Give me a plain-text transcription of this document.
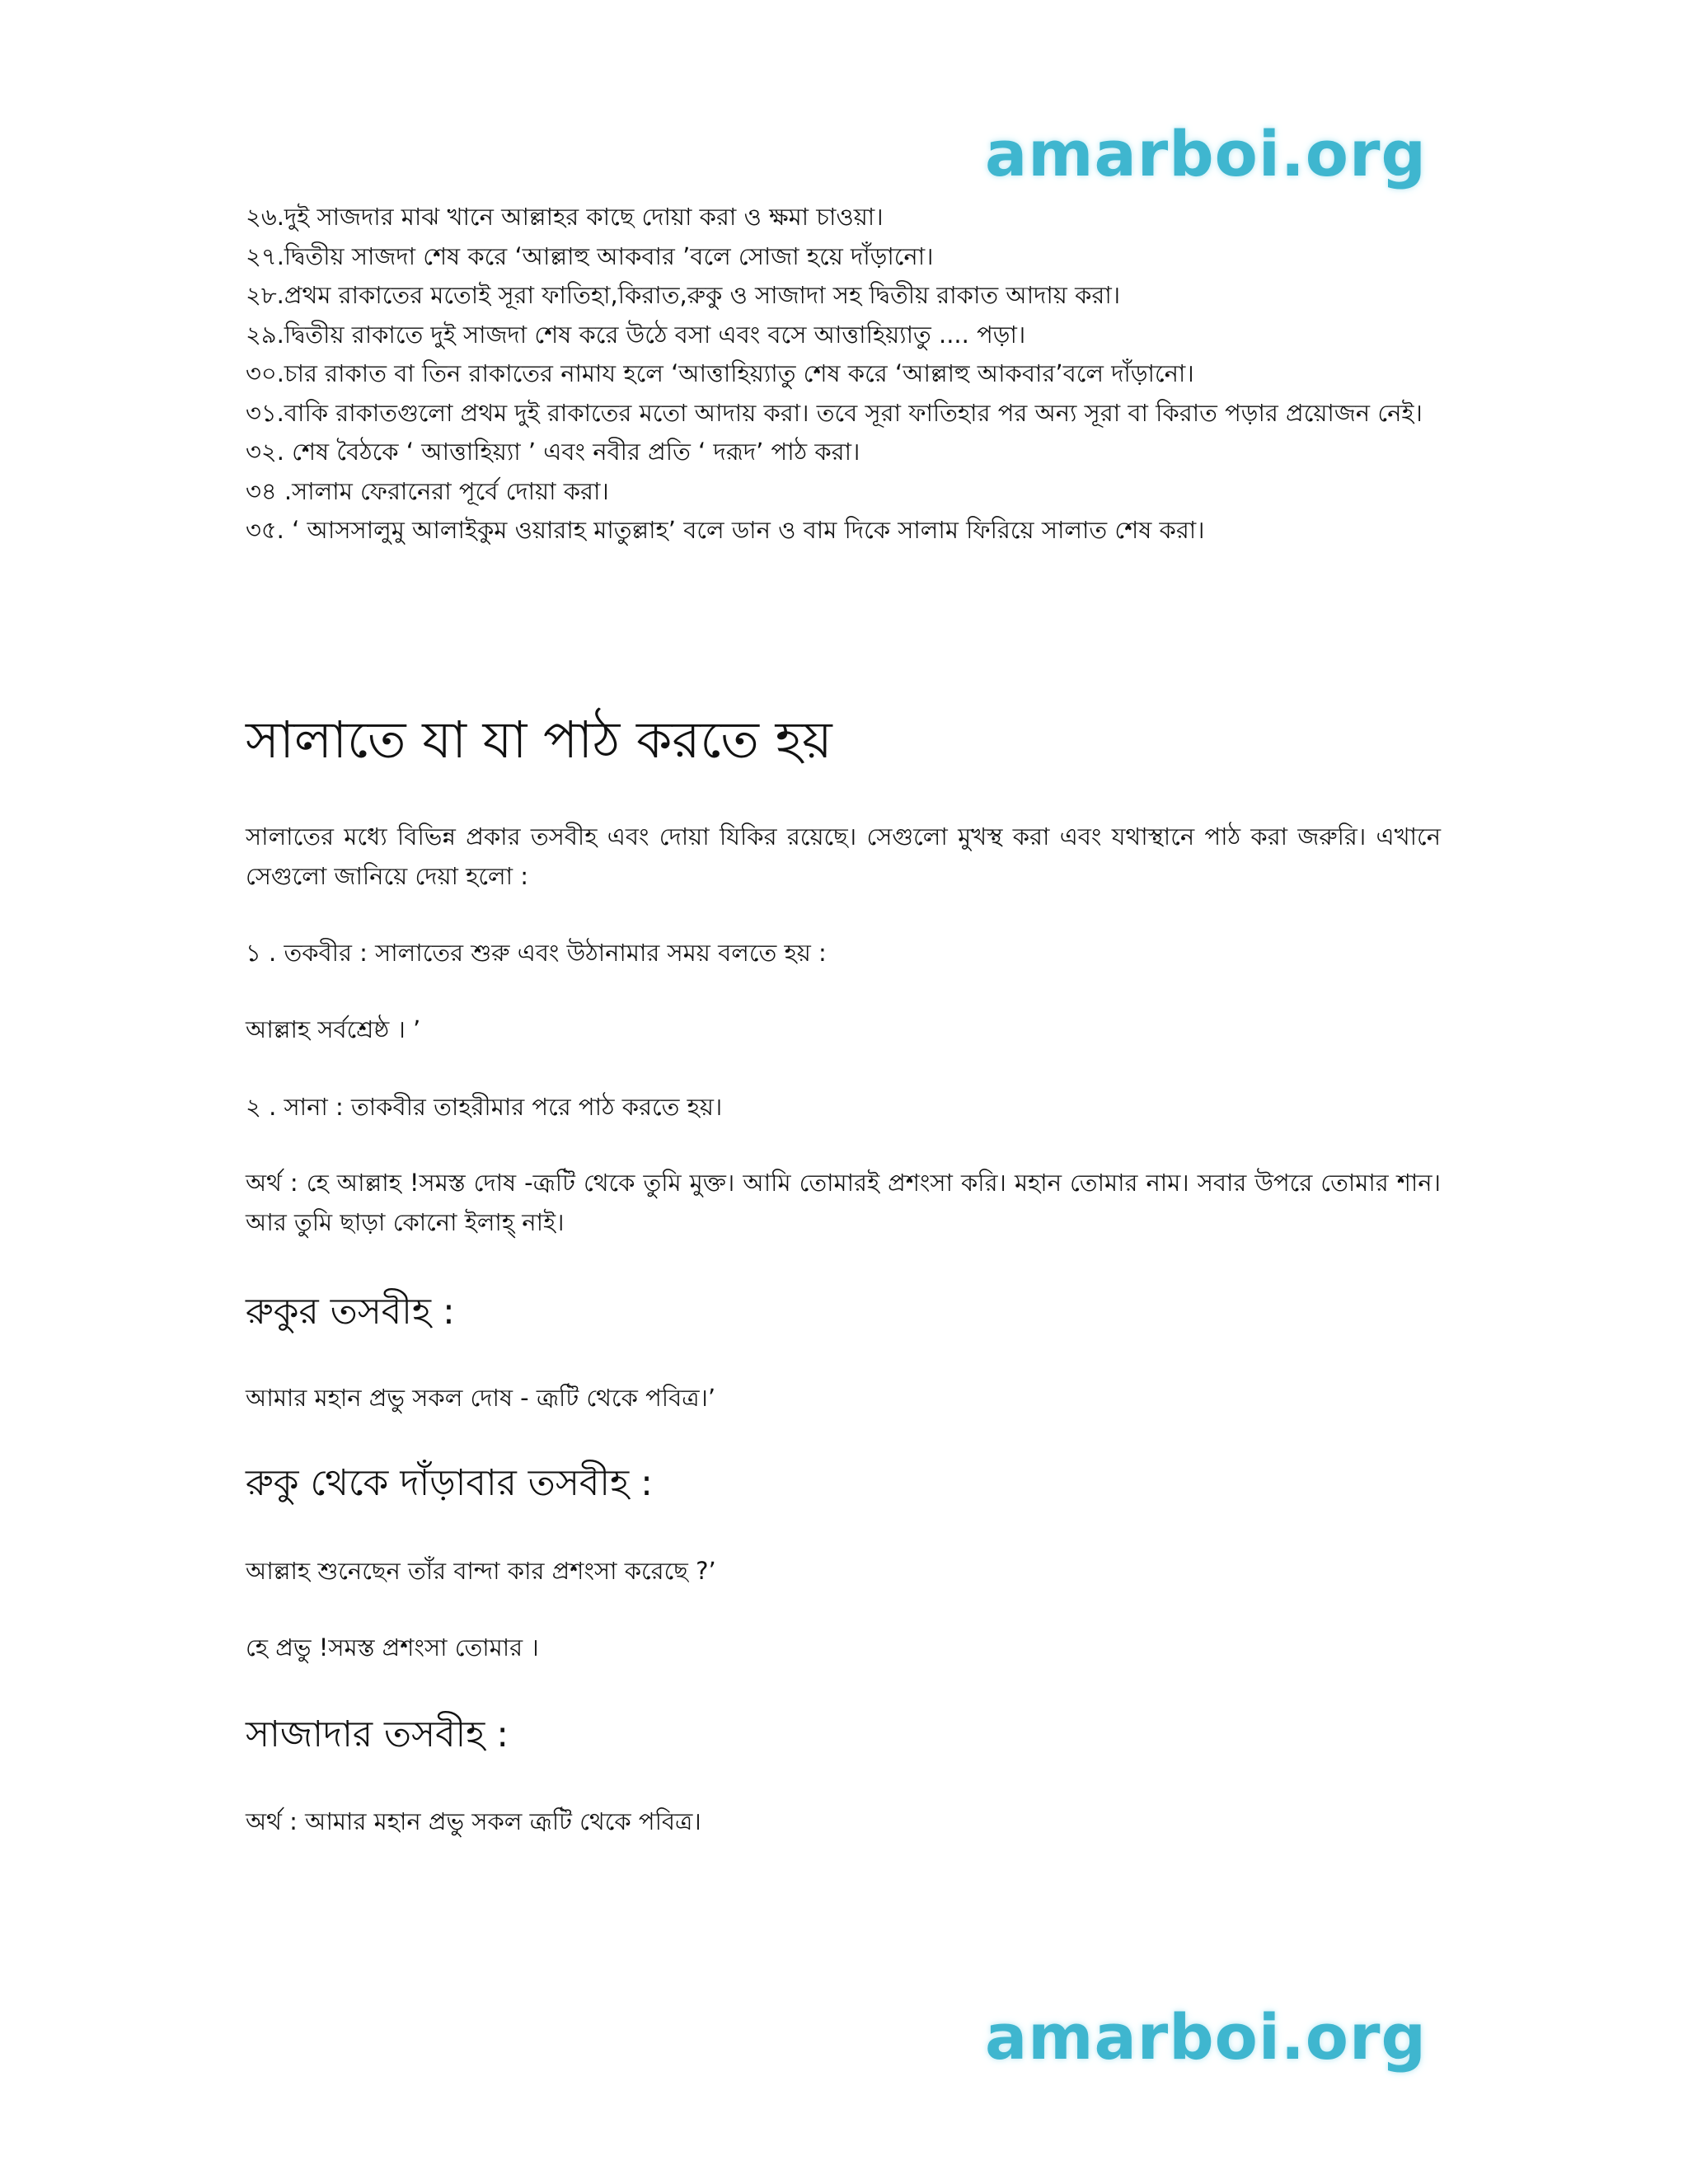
amarboi.org
২৬.দুই সাজদার মাঝ খানে আল্লাহর কাছে দোয়া করা ও ক্ষমা চাওয়া।
২৭.দ্বিতীয় সাজদা শেষ করে ‘আল্লাহু আকবার ’বলে সোজা হয়ে দাঁড়ানো।
২৮.প্রথম রাকাতের মতোই সূরা ফাতিহা,কিরাত,রুকু ও সাজাদা সহ দ্বিতীয় রাকাত আদায় করা।
২৯.দ্বিতীয় রাকাতে দুই সাজদা শেষ করে উঠে বসা এবং বসে আত্তাহিয়্যাতু .... পড়া।
৩০.চার রাকাত বা তিন রাকাতের নামায হলে ‘আত্তাহিয়্যাতু শেষ করে ‘আল্লাহু আকবার’বলে দাঁড়ানো।
৩১.বাকি রাকাতগুলো প্রথম দুই রাকাতের মতো আদায় করা। তবে সূরা ফাতিহার পর অন্য সূরা বা কিরাত পড়ার প্রয়োজন নেই।
৩২. শেষ বৈঠকে ‘ আত্তাহিয়্যা ’ এবং নবীর প্রতি ‘ দরূদ’ পাঠ করা।
৩৪ .সালাম ফেরানেরা পূর্বে দোয়া করা।
৩৫. ‘ আসসালুমু আলাইকুম ওয়ারাহ মাতুল্লাহ’ বলে ডান ও বাম দিকে সালাম ফিরিয়ে সালাত শেষ করা।
সালাতে যা যা পাঠ করতে হয়
সালাতের মধ্যে বিভিন্ন প্রকার তসবীহ এবং দোয়া যিকির রয়েছে। সেগুলো মুখস্থ করা এবং যথাস্থানে পাঠ করা জরুরি। এখানে সেগুলো জানিয়ে দেয়া হলো :
১ . তকবীর : সালাতের শুরু এবং উঠানামার সময় বলতে হয় :
আল্লাহ সর্বশ্রেষ্ঠ । ’
২ . সানা : তাকবীর তাহরীমার পরে পাঠ করতে হয়।
অর্থ : হে আল্লাহ !সমস্ত দোষ -ত্রূটি থেকে তুমি মুক্ত। আমি তোমারই প্রশংসা করি। মহান তোমার নাম। সবার উপরে তোমার শান। আর তুমি ছাড়া কোনো ইলাহ্ নাই।
রুকুর তসবীহ :
আমার মহান প্রভু সকল দোষ - ত্রূটি থেকে পবিত্র।’
রুকু থেকে দাঁড়াবার তসবীহ :
আল্লাহ শুনেছেন তাঁর বান্দা কার প্রশংসা করেছে ?’
হে প্রভু !সমস্ত প্রশংসা তোমার ।
সাজাদার তসবীহ :
অর্থ : আমার মহান প্রভু সকল ত্রূটি থেকে পবিত্র।
amarboi.org
